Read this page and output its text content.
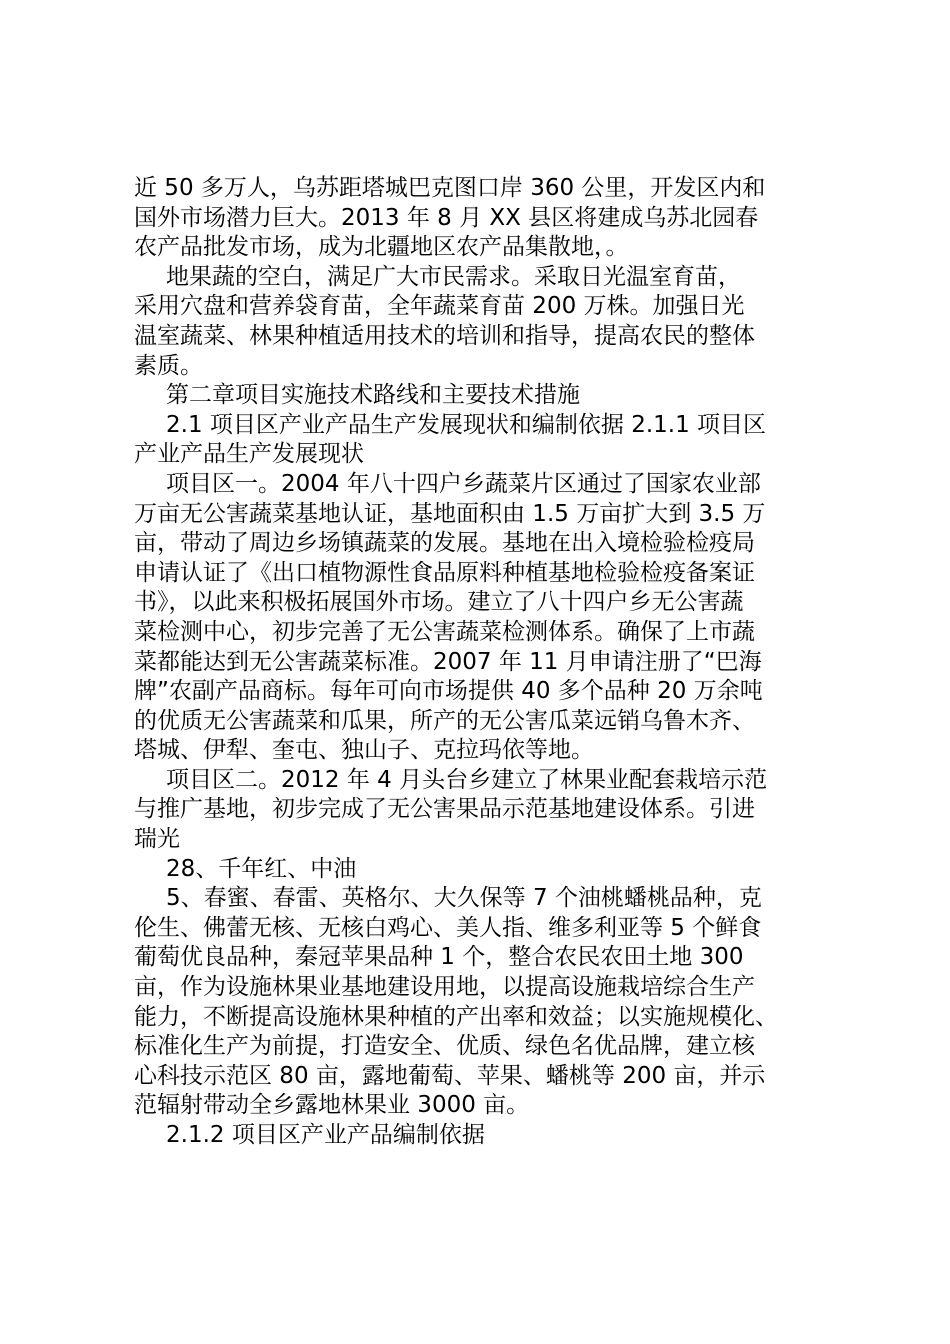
近 50 多万人，乌苏距塔城巴克图口岸 360 公里，开发区内和
国外市场潜力巨大。2013 年 8 月 XX 县区将建成乌苏北园春
农产品批发市场，成为北疆地区农产品集散地，。
地果蔬的空白，满足广大市民需求。采取日光温室育苗，
采用穴盘和营养袋育苗，全年蔬菜育苗 200 万株。加强日光
温室蔬菜、林果种植适用技术的培训和指导，提高农民的整体
素质。
第二章项目实施技术路线和主要技术措施
2.1 项目区产业产品生产发展现状和编制依据 2.1.1 项目区
产业产品生产发展现状
项目区一。2004 年八十四户乡蔬菜片区通过了国家农业部
万亩无公害蔬菜基地认证，基地面积由 1.5 万亩扩大到 3.5 万
亩，带动了周边乡场镇蔬菜的发展。基地在出入境检验检疫局
申请认证了《出口植物源性食品原料种植基地检验检疫备案证
书》，以此来积极拓展国外市场。建立了八十四户乡无公害蔬
菜检测中心，初步完善了无公害蔬菜检测体系。确保了上市蔬
菜都能达到无公害蔬菜标准。2007 年 11 月申请注册了“巴海
牌”农副产品商标。每年可向市场提供 40 多个品种 20 万余吨
的优质无公害蔬菜和瓜果，所产的无公害瓜菜远销乌鲁木齐、
塔城、伊犁、奎屯、独山子、克拉玛依等地。
项目区二。2012 年 4 月头台乡建立了林果业配套栽培示范
与推广基地，初步完成了无公害果品示范基地建设体系。引进
瑞光
28、千年红、中油
5、春蜜、春雷、英格尔、大久保等 7 个油桃蟠桃品种，克
伦生、佛蕾无核、无核白鸡心、美人指、维多利亚等 5 个鲜食
葡萄优良品种，秦冠苹果品种 1 个，整合农民农田土地 300
亩，作为设施林果业基地建设用地，以提高设施栽培综合生产
能力，不断提高设施林果种植的产出率和效益；以实施规模化、
标准化生产为前提，打造安全、优质、绿色名优品牌，建立核
心科技示范区 80 亩，露地葡萄、苹果、蟠桃等 200 亩，并示
范辐射带动全乡露地林果业 3000 亩。
2.1.2 项目区产业产品编制依据
